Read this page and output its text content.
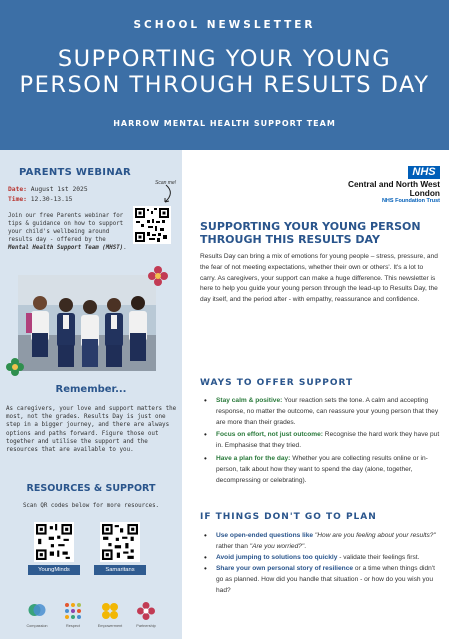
SCHOOL NEWSLETTER
SUPPORTING YOUR YOUNG PERSON THROUGH RESULTS DAY
HARROW MENTAL HEALTH SUPPORT TEAM
PARENTS WEBINAR
Scan me!
Date: August 1st 2025
Time: 12.30-13.15
Join our free Parents webinar for tips & guidance on how to support your child's wellbeing around results day - offered by the Mental Health Support Team (MHST).
Remember...
As caregivers, your love and support matters the most, not the grades. Results Day is just one step in a bigger journey, and there are always options and paths forward. Figure those out together and utilise the support and the resources that are available to you.
RESOURCES & SUPPORT
Scan QR codes below for more resources.
YoungMinds	Samaritans
Compassion	Respect	Empowerment	Partnership
NHS
Central and North West London
NHS Foundation Trust
SUPPORTING YOUR YOUNG PERSON THROUGH THIS RESULTS DAY
Results Day can bring a mix of emotions for young people – stress, pressure, and the fear of not meeting expectations, whether their own or others'. It's a lot to carry. As caregivers, your support can make a huge difference. This newsletter is here to help you guide your young person through the lead-up to Results Day, the day itself, and the period after - with empathy, reassurance and confidence.
WAYS TO OFFER SUPPORT
• Stay calm & positive: Your reaction sets the tone. A calm and accepting response, no matter the outcome, can reassure your young person that they are more than their grades.
• Focus on effort, not just outcome: Recognise the hard work they have put in. Emphasise that they tried.
• Have a plan for the day: Whether you are collecting results online or in-person, talk about how they want to spend the day (alone, together, decompressing or celebrating).
IF THINGS DON'T GO TO PLAN
• Use open-ended questions like "How are you feeling about your results?" rather than "Are you worried?".
• Avoid jumping to solutions too quickly - validate their feelings first.
• Share your own personal story of resilience or a time when things didn't go as planned. How did you handle that situation - or how do you wish you had?
